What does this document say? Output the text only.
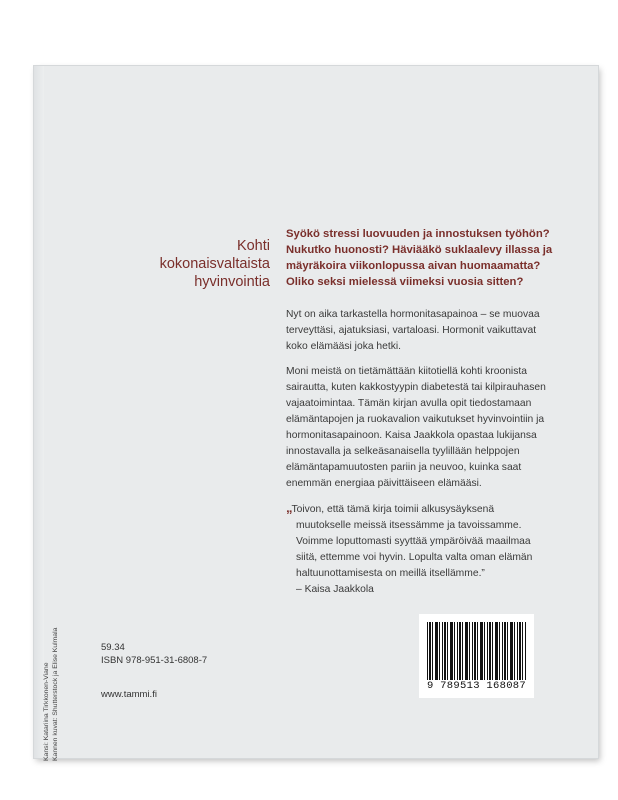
Kohti
kokonaisvaltaista
hyvinvointia
Syökö stressi luovuuden ja innostuksen työhön?
Nukutko huonosti? Häviääkö suklaalevy illassa ja
mäyräkoira viikonlopussa aivan huomaamatta?
Oliko seksi mielessä viimeksi vuosia sitten?
Nyt on aika tarkastella hormonitasapainoa – se muovaa
terveyttäsi, ajatuksiasi, vartaloasi. Hormonit vaikuttavat
koko elämääsi joka hetki.
Moni meistä on tietämättään kiitotiellä kohti kroonista
sairautta, kuten kakkostyypin diabetestä tai kilpirauhasen
vajaatoimintaa. Tämän kirjan avulla opit tiedostamaan
elämäntapojen ja ruokavalion vaikutukset hyvinvointiin ja
hormonitasapainoon. Kaisa Jaakkola opastaa lukijansa
innostavalla ja selkeäsanaisella tyylillään helppojen
elämäntapamuutosten pariin ja neuvoo, kuinka saat
enemmän energiaa päivittäiseen elämääsi.
„Toivon, että tämä kirja toimii alkusysäyksenä
muutokselle meissä itsessämme ja tavoissamme.
Voimme loputtomasti syyttää ympäröivää maailmaa
siitä, ettemme voi hyvin. Lopulta valta oman elämän
haltuunottamisesta on meillä itsellämme.”
– Kaisa Jaakkola
Kansi: Katariina Tirkkonen-Viane Kannen kuvat: Shutterstock ja Elise Kulmala	59.34
ISBN 978-951-31-6808-7
www.tammi.fi
9 789513 168087
